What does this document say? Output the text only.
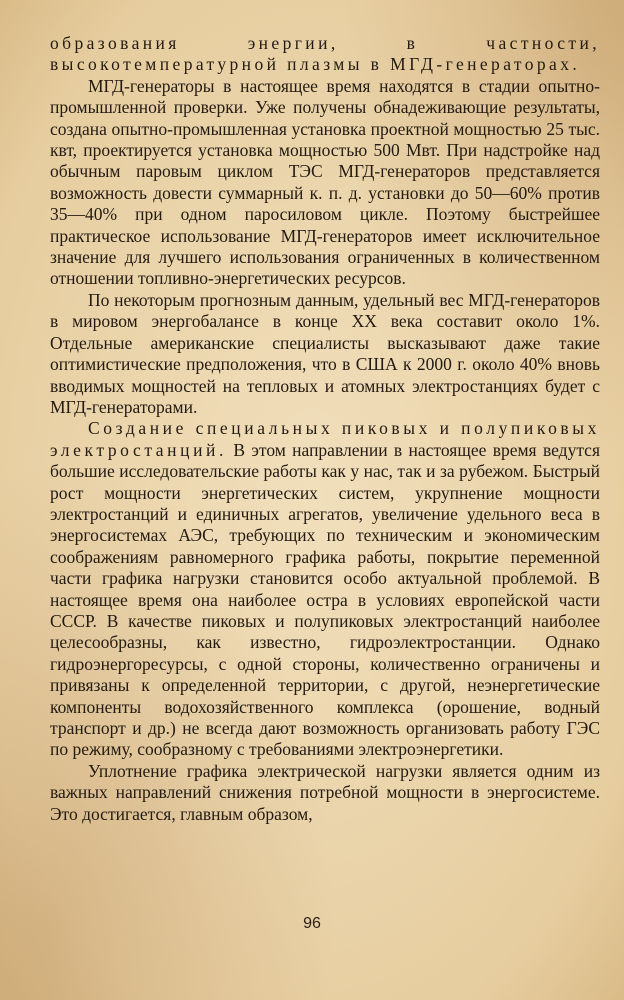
образования энергии, в частности, высокотемпературной плазмы в МГД-генераторах.

МГД-генераторы в настоящее время находятся в стадии опытно-промышленной проверки. Уже получены обнадеживающие результаты, создана опытно-промышленная установка проектной мощностью 25 тыс. квт, проектируется установка мощностью 500 Мвт. При надстройке над обычным паровым циклом ТЭС МГД-генераторов представляется возможность довести суммарный к. п. д. установки до 50—60% против 35—40% при одном паросиловом цикле. Поэтому быстрейшее практическое использование МГД-генераторов имеет исключительное значение для лучшего использования ограниченных в количественном отношении топливно-энергетических ресурсов.

По некоторым прогнозным данным, удельный вес МГД-генераторов в мировом энергобалансе в конце XX века составит около 1%. Отдельные американские специалисты высказывают даже такие оптимистические предположения, что в США к 2000 г. около 40% вновь вводимых мощностей на тепловых и атомных электростанциях будет с МГД-генераторами.

Создание специальных пиковых и полупиковых электростанций. В этом направлении в настоящее время ведутся большие исследовательские работы как у нас, так и за рубежом. Быстрый рост мощности энергетических систем, укрупнение мощности электростанций и единичных агрегатов, увеличение удельного веса в энергосистемах АЭС, требующих по техническим и экономическим соображениям равномерного графика работы, покрытие переменной части графика нагрузки становится особо актуальной проблемой. В настоящее время она наиболее остра в условиях европейской части СССР. В качестве пиковых и полупиковых электростанций наиболее целесообразны, как известно, гидроэлектростанции. Однако гидроэнергоресурсы, с одной стороны, количественно ограничены и привязаны к определенной территории, с другой, неэнергетические компоненты водохозяйственного комплекса (орошение, водный транспорт и др.) не всегда дают возможность организовать работу ГЭС по режиму, сообразному с требованиями электроэнергетики.

Уплотнение графика электрической нагрузки является одним из важных направлений снижения потребной мощности в энергосистеме. Это достигается, главным образом,

96
